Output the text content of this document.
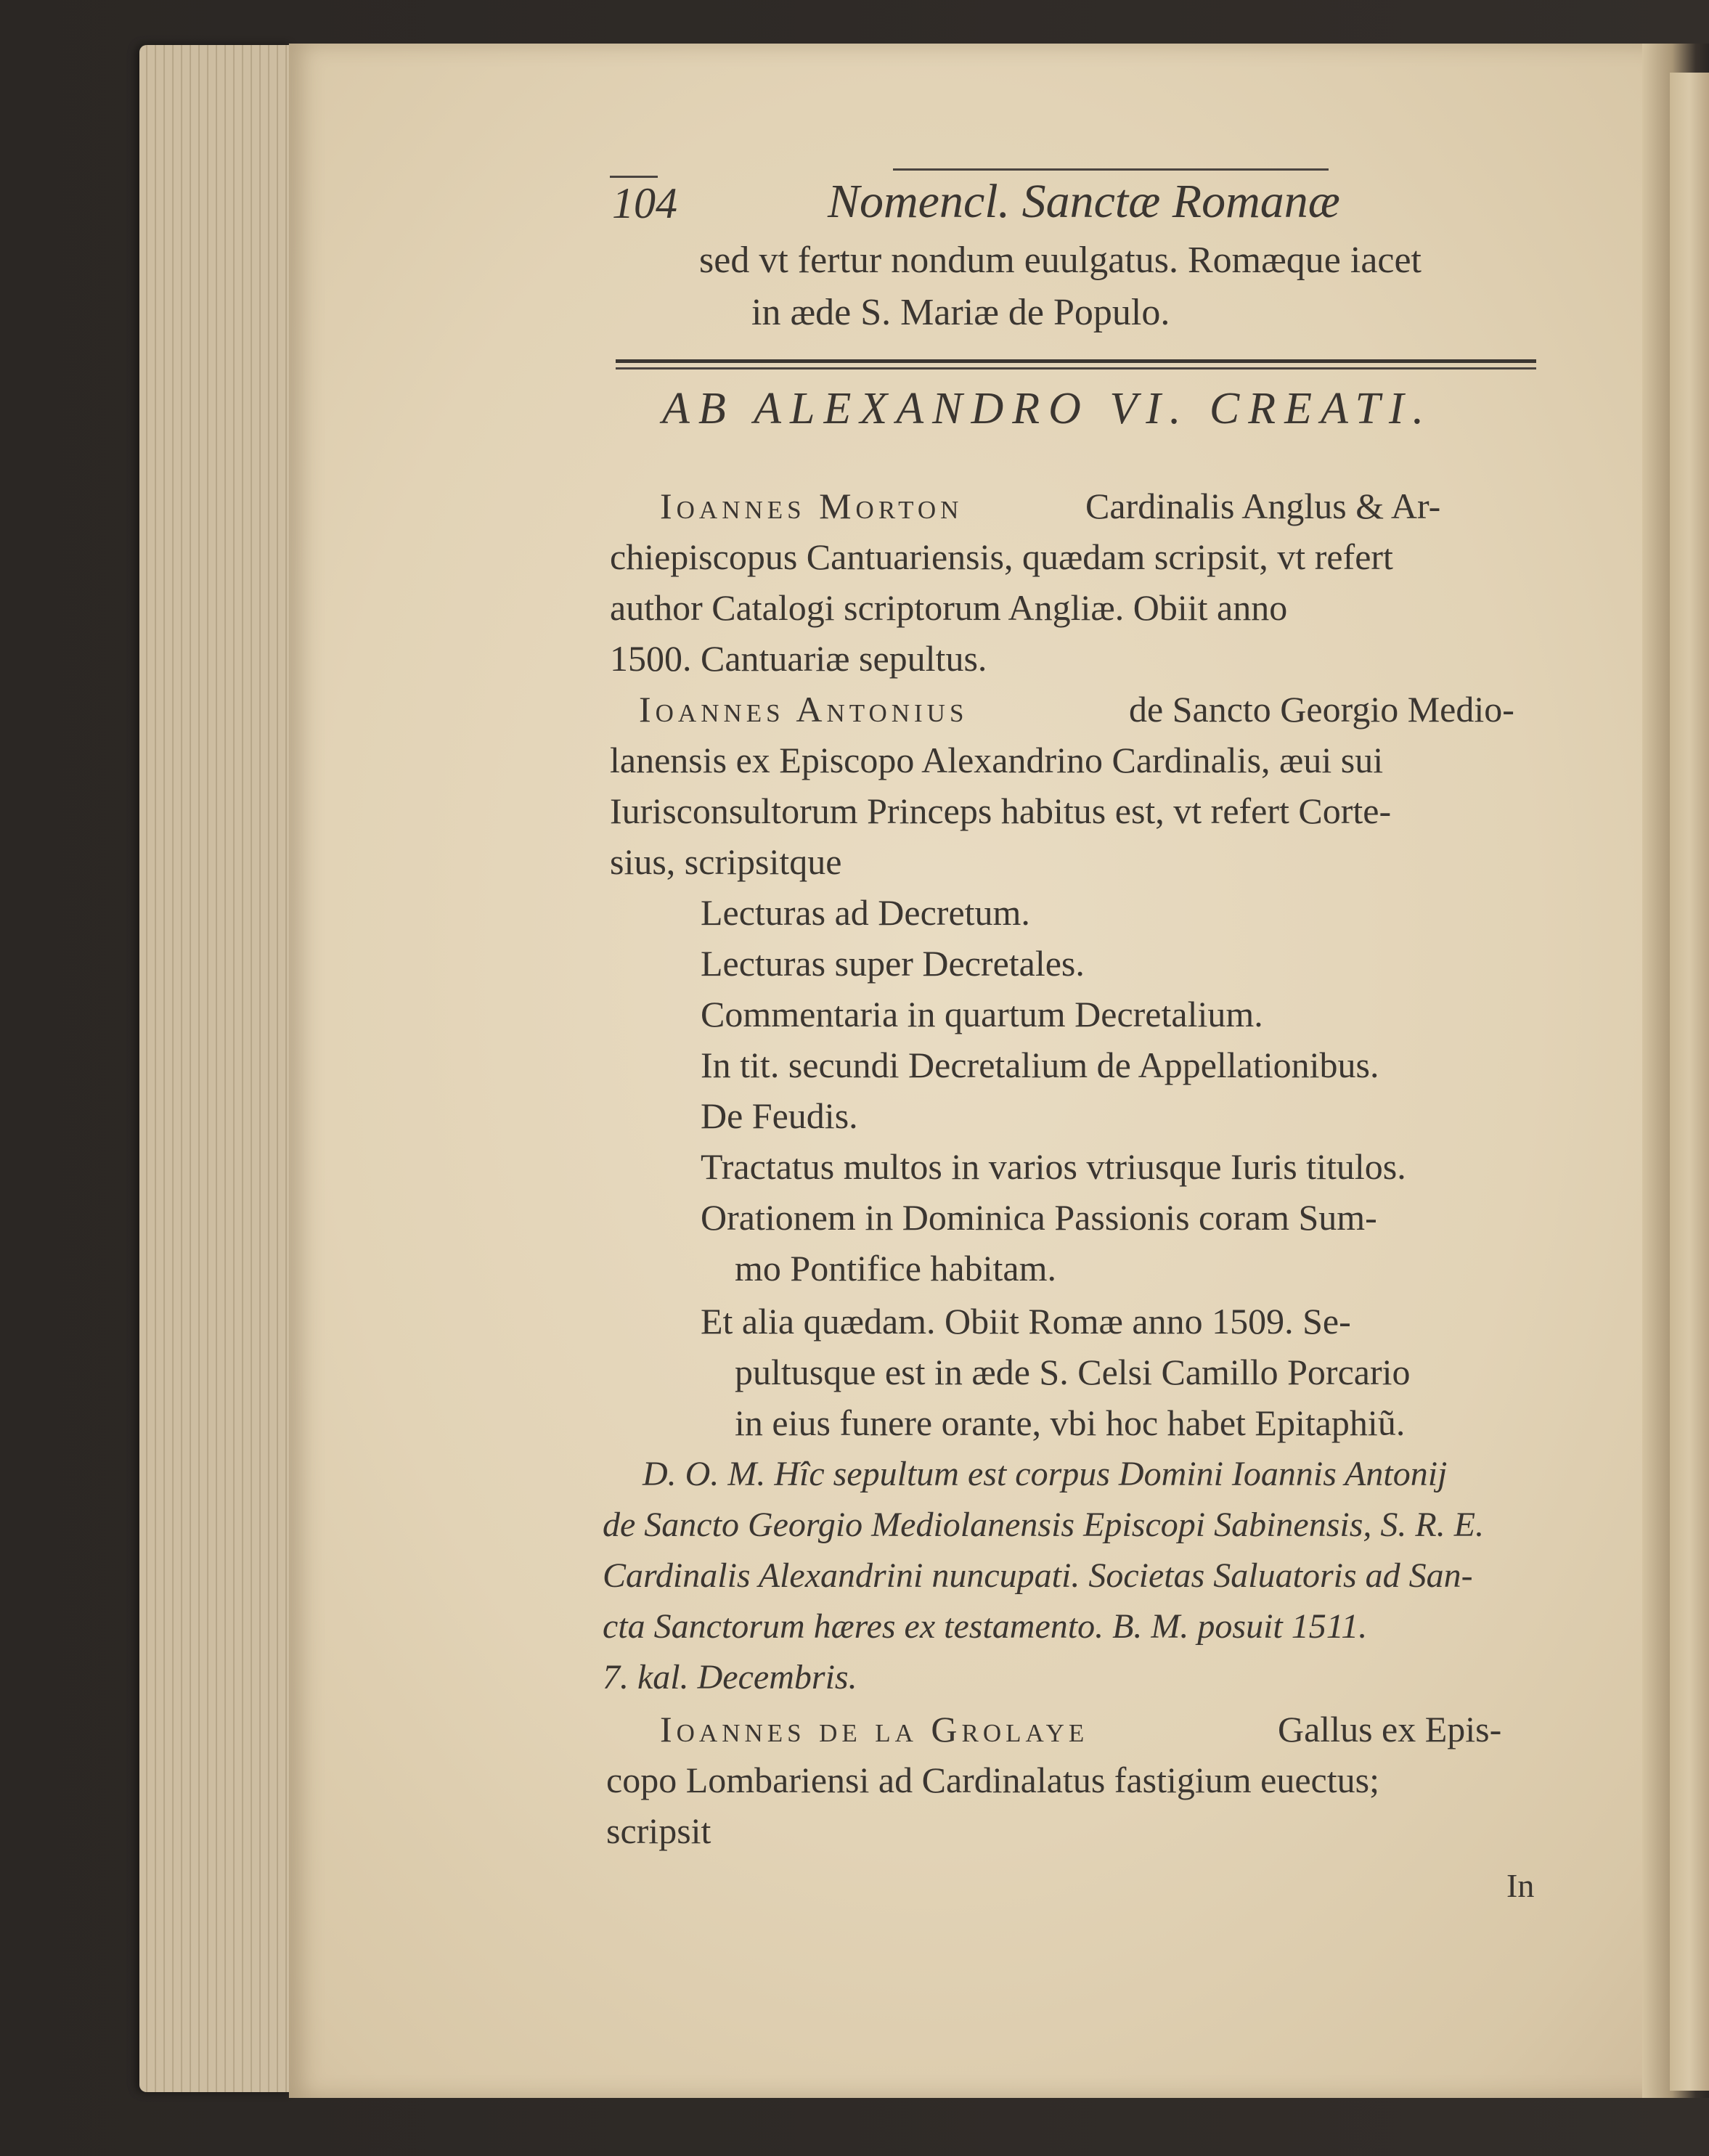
104	Nomencl. Sanctæ Romanæ
sed vt fertur nondum euulgatus. Romæque iacet
in æde S. Mariæ de Populo.
AB ALEXANDRO VI. CREATI.
Ioannes Morton	Cardinalis Anglus & Ar-
chiepiscopus Cantuariensis, quædam scripsit, vt refert
author Catalogi scriptorum Angliæ. Obiit anno
1500. Cantuariæ sepultus.
Ioannes Antonius	de Sancto Georgio Medio-
lanensis ex Episcopo Alexandrino Cardinalis, æui sui
Iurisconsultorum Princeps habitus est, vt refert Corte-
sius, scripsitque
Lecturas ad Decretum.
Lecturas super Decretales.
Commentaria in quartum Decretalium.
In tit. secundi Decretalium de Appellationibus.
De Feudis.
Tractatus multos in varios vtriusque Iuris titulos.
Orationem in Dominica Passionis coram Sum-
mo Pontifice habitam.
Et alia quædam. Obiit Romæ anno 1509. Se-
pultusque est in æde S. Celsi Camillo Porcario
in eius funere orante, vbi hoc habet Epitaphiũ.
D. O. M. Hîc sepultum est corpus Domini Ioannis Antonij
de Sancto Georgio Mediolanensis Episcopi Sabinensis, S. R. E.
Cardinalis Alexandrini nuncupati. Societas Saluatoris ad San-
cta Sanctorum hæres ex testamento. B. M. posuit 1511.
7. kal. Decembris.
Ioannes de la Grolaye	Gallus ex Epis-
copo Lombariensi ad Cardinalatus fastigium euectus;
scripsit
In
